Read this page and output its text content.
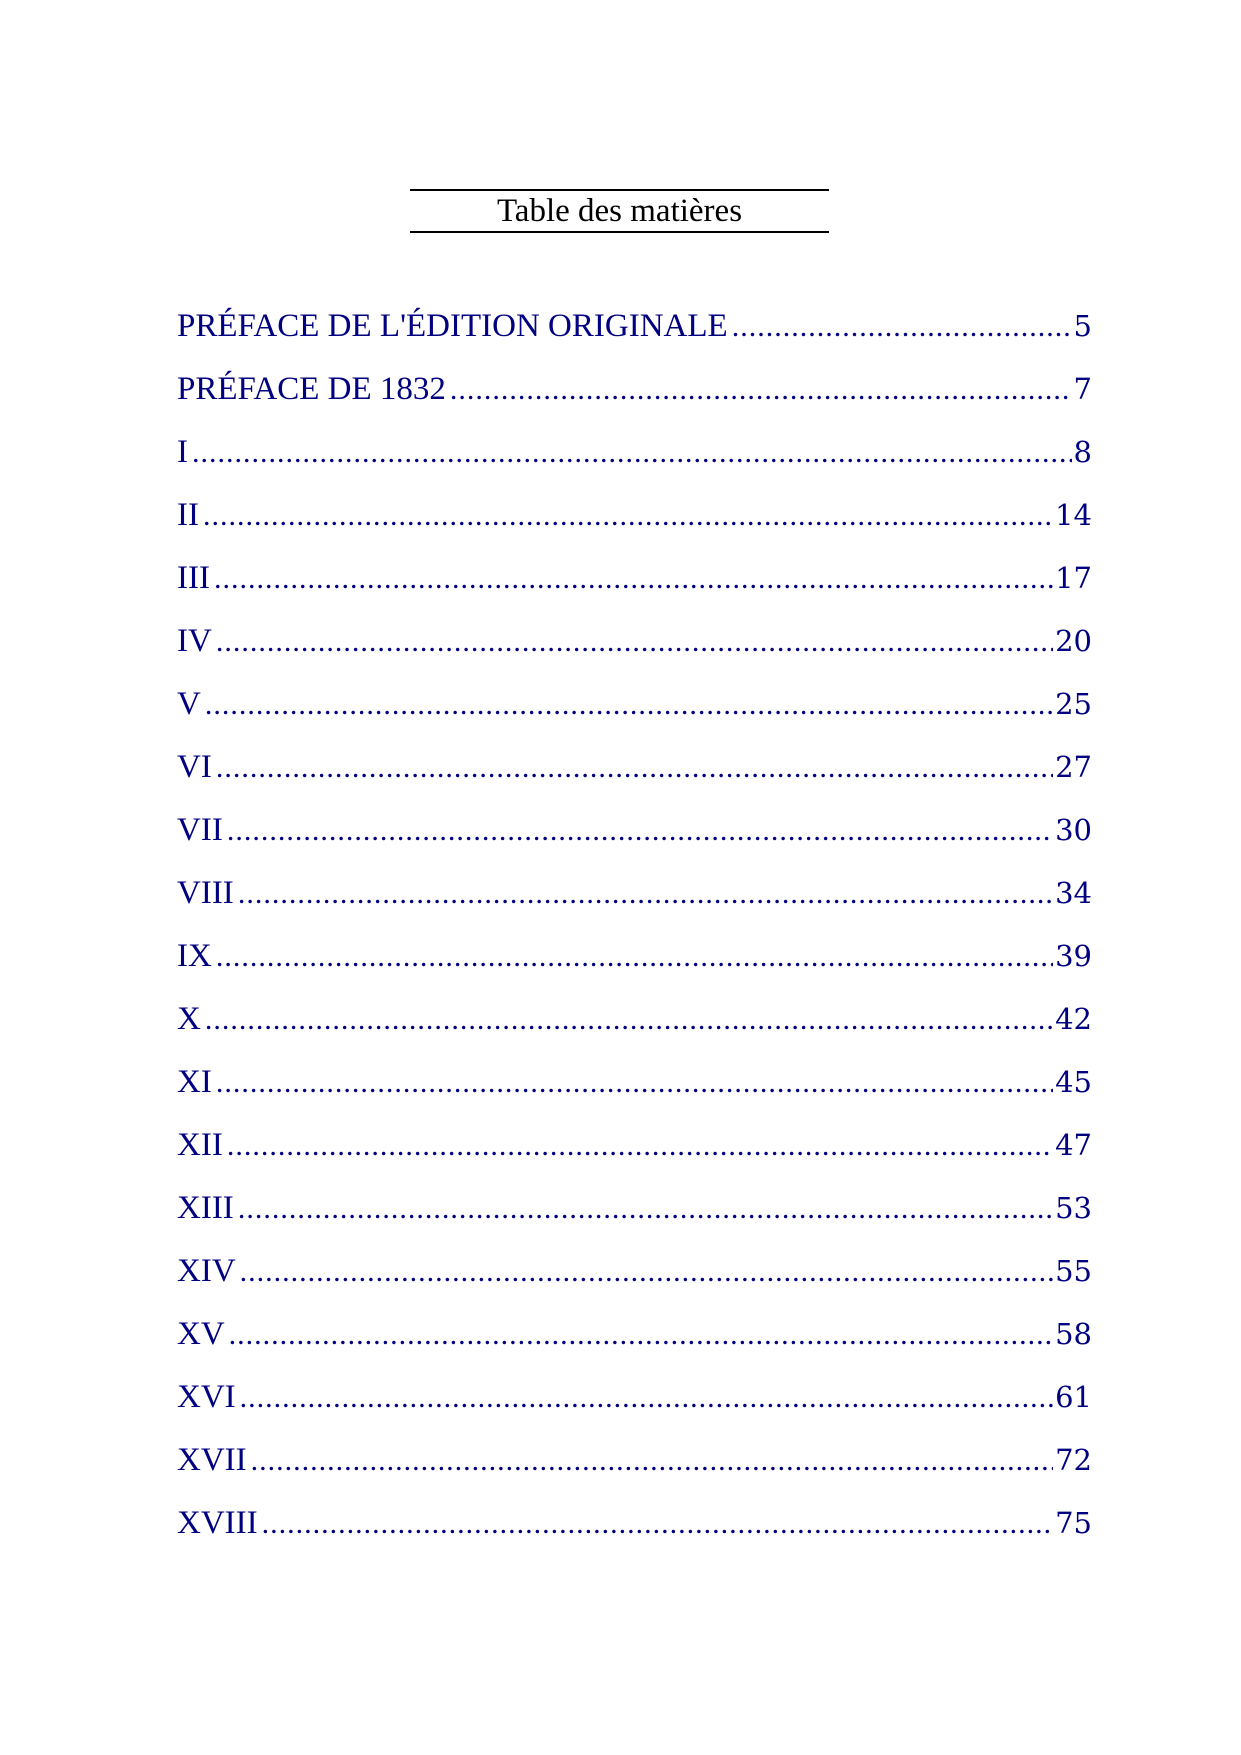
Table des matières
PRÉFACE DE L'ÉDITION ORIGINALE .....	5
PRÉFACE DE 1832 .....	7
I .....	8
II .....	14
III .....	17
IV .....	20
V .....	25
VI .....	27
VII .....	30
VIII .....	34
IX .....	39
X .....	42
XI .....	45
XII .....	47
XIII .....	53
XIV .....	55
XV .....	58
XVI .....	61
XVII .....	72
XVIII .....	75
